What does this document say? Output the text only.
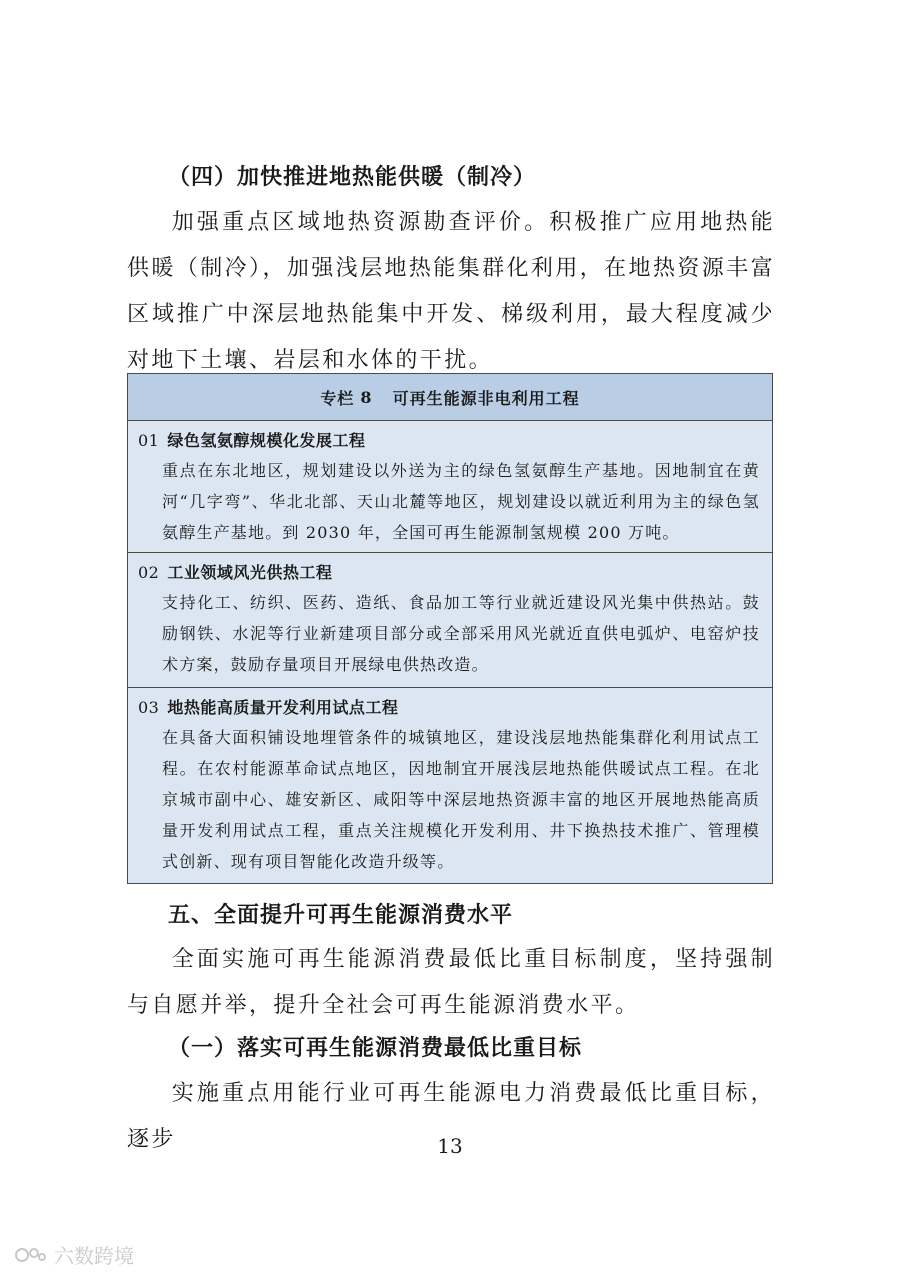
（四）加快推进地热能供暖（制冷）
加强重点区域地热资源勘查评价。积极推广应用地热能供暖（制冷），加强浅层地热能集群化利用，在地热资源丰富区域推广中深层地热能集中开发、梯级利用，最大程度减少对地下土壤、岩层和水体的干扰。
专栏 8 可再生能源非电利用工程
01 绿色氢氨醇规模化发展工程
重点在东北地区，规划建设以外送为主的绿色氢氨醇生产基地。因地制宜在黄河“几字弯”、华北北部、天山北麓等地区，规划建设以就近利用为主的绿色氢氨醇生产基地。到 2030 年，全国可再生能源制氢规模 200 万吨。
02 工业领域风光供热工程
支持化工、纺织、医药、造纸、食品加工等行业就近建设风光集中供热站。鼓励钢铁、水泥等行业新建项目部分或全部采用风光就近直供电弧炉、电窑炉技术方案，鼓励存量项目开展绿电供热改造。
03 地热能高质量开发利用试点工程
在具备大面积铺设地埋管条件的城镇地区，建设浅层地热能集群化利用试点工程。在农村能源革命试点地区，因地制宜开展浅层地热能供暖试点工程。在北京城市副中心、雄安新区、咸阳等中深层地热资源丰富的地区开展地热能高质量开发利用试点工程，重点关注规模化开发利用、井下换热技术推广、管理模式创新、现有项目智能化改造升级等。
五、全面提升可再生能源消费水平
全面实施可再生能源消费最低比重目标制度，坚持强制与自愿并举，提升全社会可再生能源消费水平。
（一）落实可再生能源消费最低比重目标
实施重点用能行业可再生能源电力消费最低比重目标，逐步	13
六数跨境
